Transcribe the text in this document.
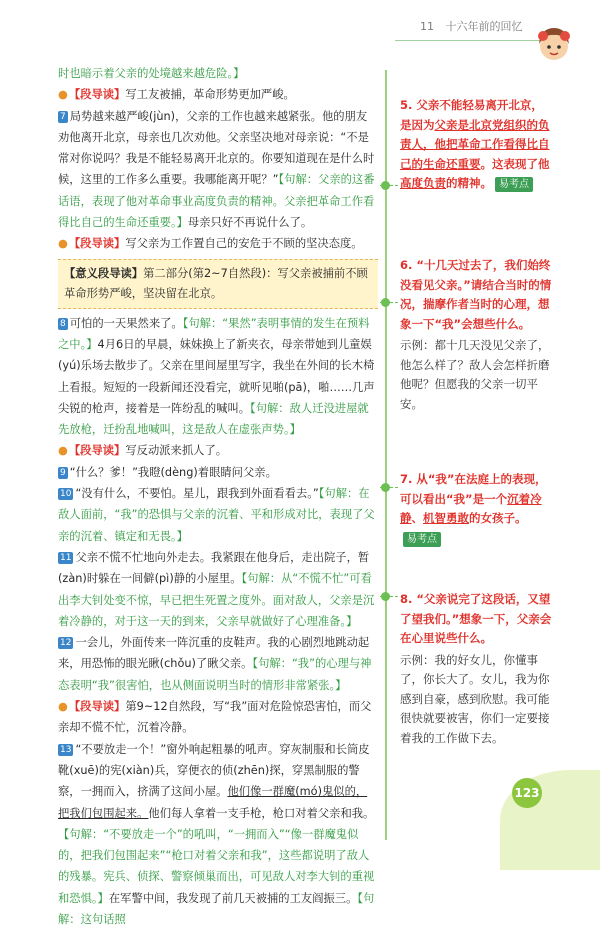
11 十六年前的回忆

时也暗示着父亲的处境越来越危险。】

●【段导读】写工友被捕，革命形势更加严峻。

7 局势越来越严峻(jùn)，父亲的工作也越来越紧张。他的朋友劝他离开北京，母亲也几次劝他。父亲坚决地对母亲说：“不是常对你说吗？我是不能轻易离开北京的。你要知道现在是什么时候，这里的工作多么重要。我哪能离开呢？”【句解：父亲的这番话语，表现了他对革命事业高度负责的精神。父亲把革命工作看得比自己的生命还重要。】母亲只好不再说什么了。

●【段导读】写父亲为工作置自己的安危于不顾的坚决态度。

【意义段导读】第二部分(第2~7自然段)：写父亲被捕前不顾革命形势严峻，坚决留在北京。

8 可怕的一天果然来了。【句解：“果然”表明事情的发生在预料之中。】4月6日的早晨，妹妹换上了新夹衣，母亲带她到儿童娱(yú)乐场去散步了。父亲在里间屋里写字，我坐在外间的长木椅上看报。短短的一段新闻还没看完，就听见啪(pā)，啪……几声尖锐的枪声，接着是一阵纷乱的喊叫。【句解：敌人迁没进屋就先放枪，迁扮乱地喊叫，这是敌人在虚张声势。】

●【段导读】写反动派来抓人了。

9 “什么？爹！”我瞪(dèng)着眼睛问父亲。

10 “没有什么，不要怕。星儿，跟我到外面看看去。”【句解：在敌人面前，“我”的恐惧与父亲的沉着、平和形成对比，表现了父亲的沉着、镇定和无畏。】

11 父亲不慌不忙地向外走去。我紧跟在他身后，走出院子，暂(zàn)时躲在一间僻(pì)静的小屋里。【句解：从“不慌不忙”可看出李大钊处变不惊，早已把生死置之度外。面对敌人，父亲是沉着冷静的，对于这一天的到来，父亲早就做好了心理准备。】

12 一会儿，外面传来一阵沉重的皮鞋声。我的心剧烈地跳动起来，用恐怖的眼光瞅(chǒu)了瞅父亲。【句解：“我”的心理与神态表明“我”很害怕，也从侧面说明当时的情形非常紧张。】

●【段导读】第9~12自然段，写“我”面对危险惊恐害怕，而父亲却不慌不忙，沉着冷静。

13 “不要放走一个！”窗外响起粗暴的吼声。穿灰制服和长筒皮靴(xuē)的宪(xiàn)兵，穿便衣的侦(zhēn)探，穿黑制服的警察，一拥而入，挤满了这间小屋。他们像一群魔(mó)鬼似的，把我们包围起来。他们每人拿着一支手枪，枪口对着父亲和我。【句解：“不要放走一个”的吼叫，“一拥而入”“像一群魔鬼似的，把我们包围起来”“枪口对着父亲和我”，这些都说明了敌人的残暴。宪兵、侦探、警察倾巢而出，可见敌人对李大钊的重视和恐惧。】在军警中间，我发现了前几天被捕的工友阎振三。【句解：这句话照

5. 父亲不能轻易离开北京，是因为父亲是北京党组织的负责人，他把革命工作看得比自己的生命还重要。这表现了他高度负责的精神。 易考点
6. “十几天过去了，我们始终没看见父亲。”请结合当时的情况，揣摩作者当时的心理，想象一下“我”会想些什么。
示例：都十几天没见父亲了，他怎么样了？敌人会怎样折磨他呢？但愿我的父亲一切平安。
7. 从“我”在法庭上的表现，可以看出“我”是一个沉着冷静、机智勇敢的女孩子。易考点
8. “父亲说完了这段话，又望了望我们。”想象一下，父亲会在心里说些什么。
示例：我的好女儿，你懂事了，你长大了。女儿，我为你感到自豪，感到欣慰。我可能很快就要被害，你们一定要接着我的工作做下去。
123
